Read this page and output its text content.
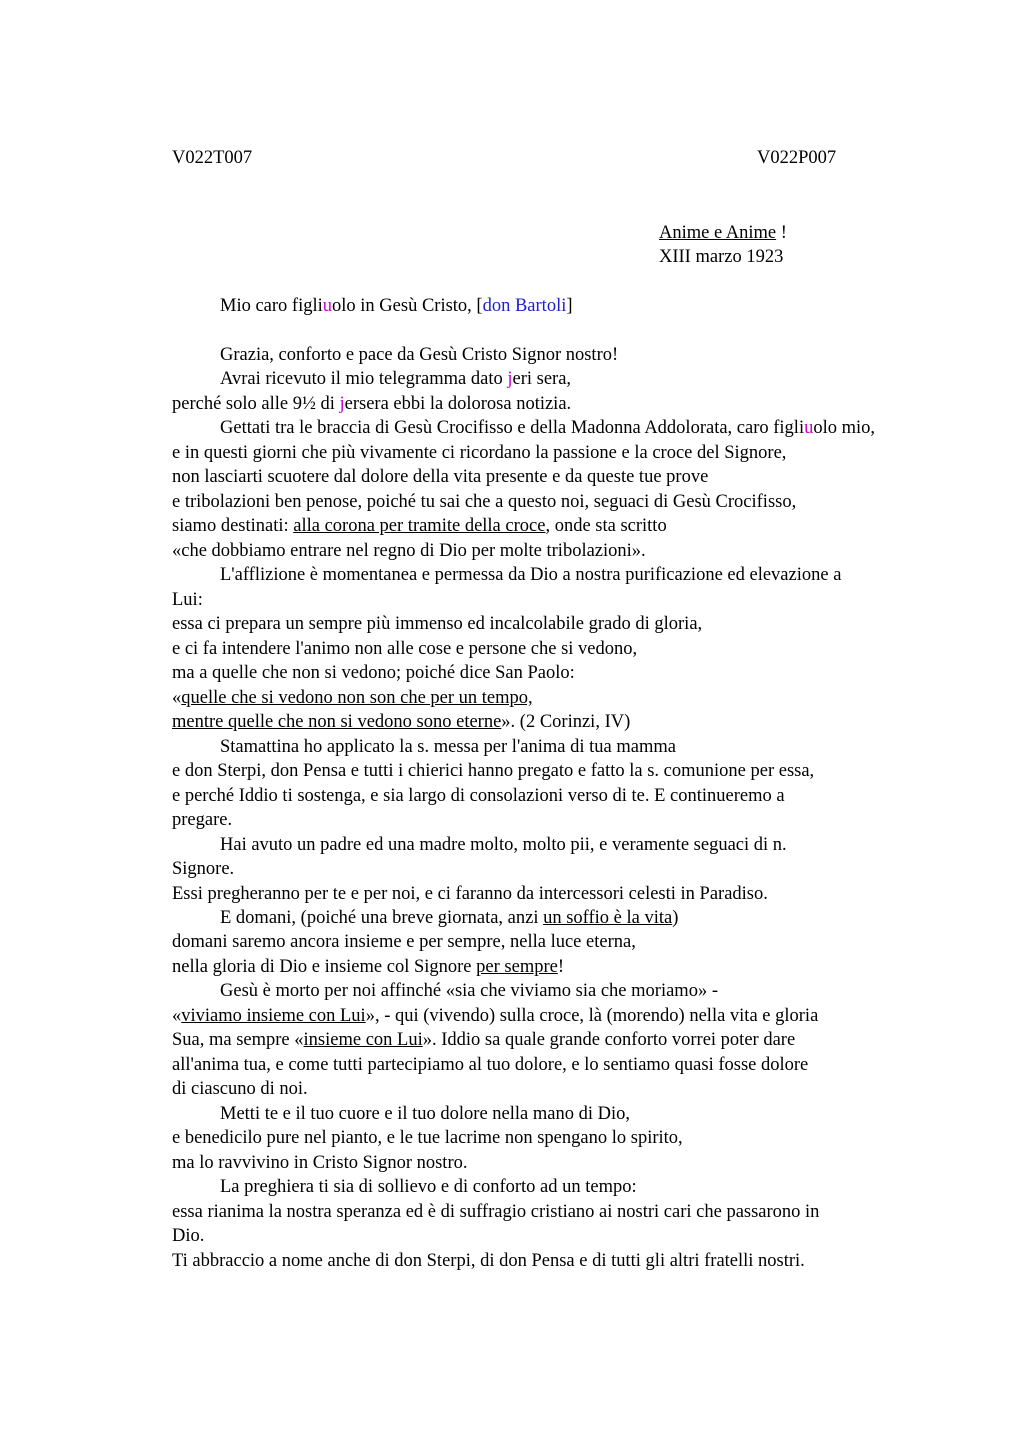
V022T007	V022P007
Anime e Anime !
XIII marzo 1923
Mio caro figliuolo in Gesù Cristo, [don Bartoli]
Grazia, conforto e pace da Gesù Cristo Signor nostro!
Avrai ricevuto il mio telegramma dato jeri sera,
perché solo alle 9½ di jersera ebbi la dolorosa notizia.
Gettati tra le braccia di Gesù Crocifisso e della Madonna Addolorata, caro figliuolo mio,
e in questi giorni che più vivamente ci ricordano la passione e la croce del Signore,
non lasciarti scuotere dal dolore della vita presente e da queste tue prove
e tribolazioni ben penose, poiché tu sai che a questo noi, seguaci di Gesù Crocifisso,
siamo destinati: alla corona per tramite della croce, onde sta scritto
«che dobbiamo entrare nel regno di Dio per molte tribolazioni».
L'afflizione è momentanea e permessa da Dio a nostra purificazione ed elevazione a
Lui:
essa ci prepara un sempre più immenso ed incalcolabile grado di gloria,
e ci fa intendere l'animo non alle cose e persone che si vedono,
ma a quelle che non si vedono; poiché dice San Paolo:
«quelle che si vedono non son che per un tempo,
mentre quelle che non si vedono sono eterne». (2 Corinzi, IV)
Stamattina ho applicato la s. messa per l'anima di tua mamma
e don Sterpi, don Pensa e tutti i chierici hanno pregato e fatto la s. comunione per essa,
e perché Iddio ti sostenga, e sia largo di consolazioni verso di te. E continueremo a
pregare.
Hai avuto un padre ed una madre molto, molto pii, e veramente seguaci di n.
Signore.
Essi pregheranno per te e per noi, e ci faranno da intercessori celesti in Paradiso.
E domani, (poiché una breve giornata, anzi un soffio è la vita)
domani saremo ancora insieme e per sempre, nella luce eterna,
nella gloria di Dio e insieme col Signore per sempre!
Gesù è morto per noi affinché «sia che viviamo sia che moriamo» -
«viviamo insieme con Lui», - qui (vivendo) sulla croce, là (morendo) nella vita e gloria
Sua, ma sempre «insieme con Lui». Iddio sa quale grande conforto vorrei poter dare
all'anima tua, e come tutti partecipiamo al tuo dolore, e lo sentiamo quasi fosse dolore
di ciascuno di noi.
Metti te e il tuo cuore e il tuo dolore nella mano di Dio,
e benedicilo pure nel pianto, e le tue lacrime non spengano lo spirito,
ma lo ravvivino in Cristo Signor nostro.
La preghiera ti sia di sollievo e di conforto ad un tempo:
essa rianima la nostra speranza ed è di suffragio cristiano ai nostri cari che passarono in
Dio.
Ti abbraccio a nome anche di don Sterpi, di don Pensa e di tutti gli altri fratelli nostri.
